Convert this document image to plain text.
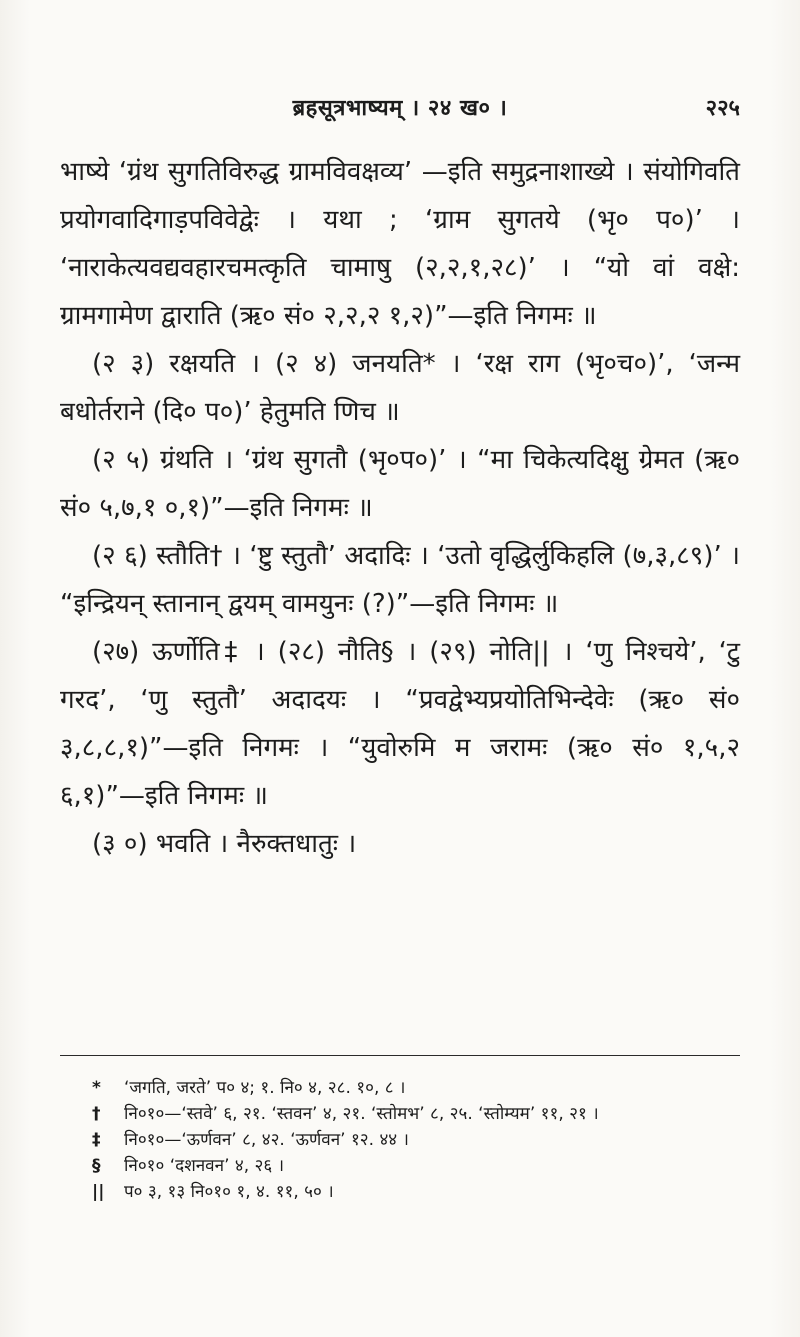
ब्रहसूत्रभाष्यम्‌ । २४ ख० ।	२२५

भाष्ये ‘ग्रंथ सुगतिविरुद्ध ग्रामविवक्षव्य’ —इति समुद्रनाशाख्ये । संयोगिवति प्रयोगवादिगाड़पविवेद्वेः । यथा ; ‘ग्राम सुगतये (भृ० प०)’ । ‘नाराकेत्यवद्यवहारचमत्कृति चामाषु (२,२,१,२८)’ । “यो वां वक्षे: ग्रामगामेण द्वाराति (ऋ० सं० २,२,२ १,२)”—इति निगमः ॥

(२ ३) रक्षयति । (२ ४) जनयति* । ‘रक्ष राग (भृ०च०)’, ‘जन्म बधोर्तराने (दि० प०)’ हेतुमति णिच ॥

(२ ५) ग्रंथति । ‘ग्रंथ सुगतौ (भृ०प०)’ । “मा चिकेत्यदिक्षु ग्रेमत (ऋ० सं० ५,७,१ ०,१)”—इति निगमः ॥

(२ ६) स्तौति† । ‘ष्टु स्तुतौ’ अदादिः । ‘उतो वृद्धिर्लुकिहलि (७,३,८९)’ । “इन्द्रियन् स्तानान् द्वयम् वामयुनः (?)”—इति निगमः ॥

(२७) ऊर्णोति‡ । (२८) नौति§ । (२९) नोति|| । ‘णु निश्चये’, ‘टु गरद’, ‘णु स्तुतौ’ अदादयः । “प्रवद्वेभ्यप्रयोतिभिन्देवेः (ऋ० सं० ३,८,८,१)”—इति निगमः । “युवोरुमि म जरामः (ऋ० सं० १,५,२ ६,१)”—इति निगमः ॥

(३ ०) भवति । नैरुक्तधातुः ।

*	‘जगति, जरते’ प० ४; १. नि० ४, २८. १०, ८ ।
†	नि०१०—‘स्तवे’ ६, २१. ‘स्तवन’ ४, २१. ‘स्तोमभ’ ८, २५. ‘स्तोम्यम’ ११, २१ ।
‡	नि०१०—‘ऊर्णवन’ ८, ४२. ‘ऊर्णवन’ १२. ४४ ।
§	नि०१० ‘दशनवन’ ४, २६ ।
||	प० ३, १३ नि०१० १, ४. ११, ५० ।
